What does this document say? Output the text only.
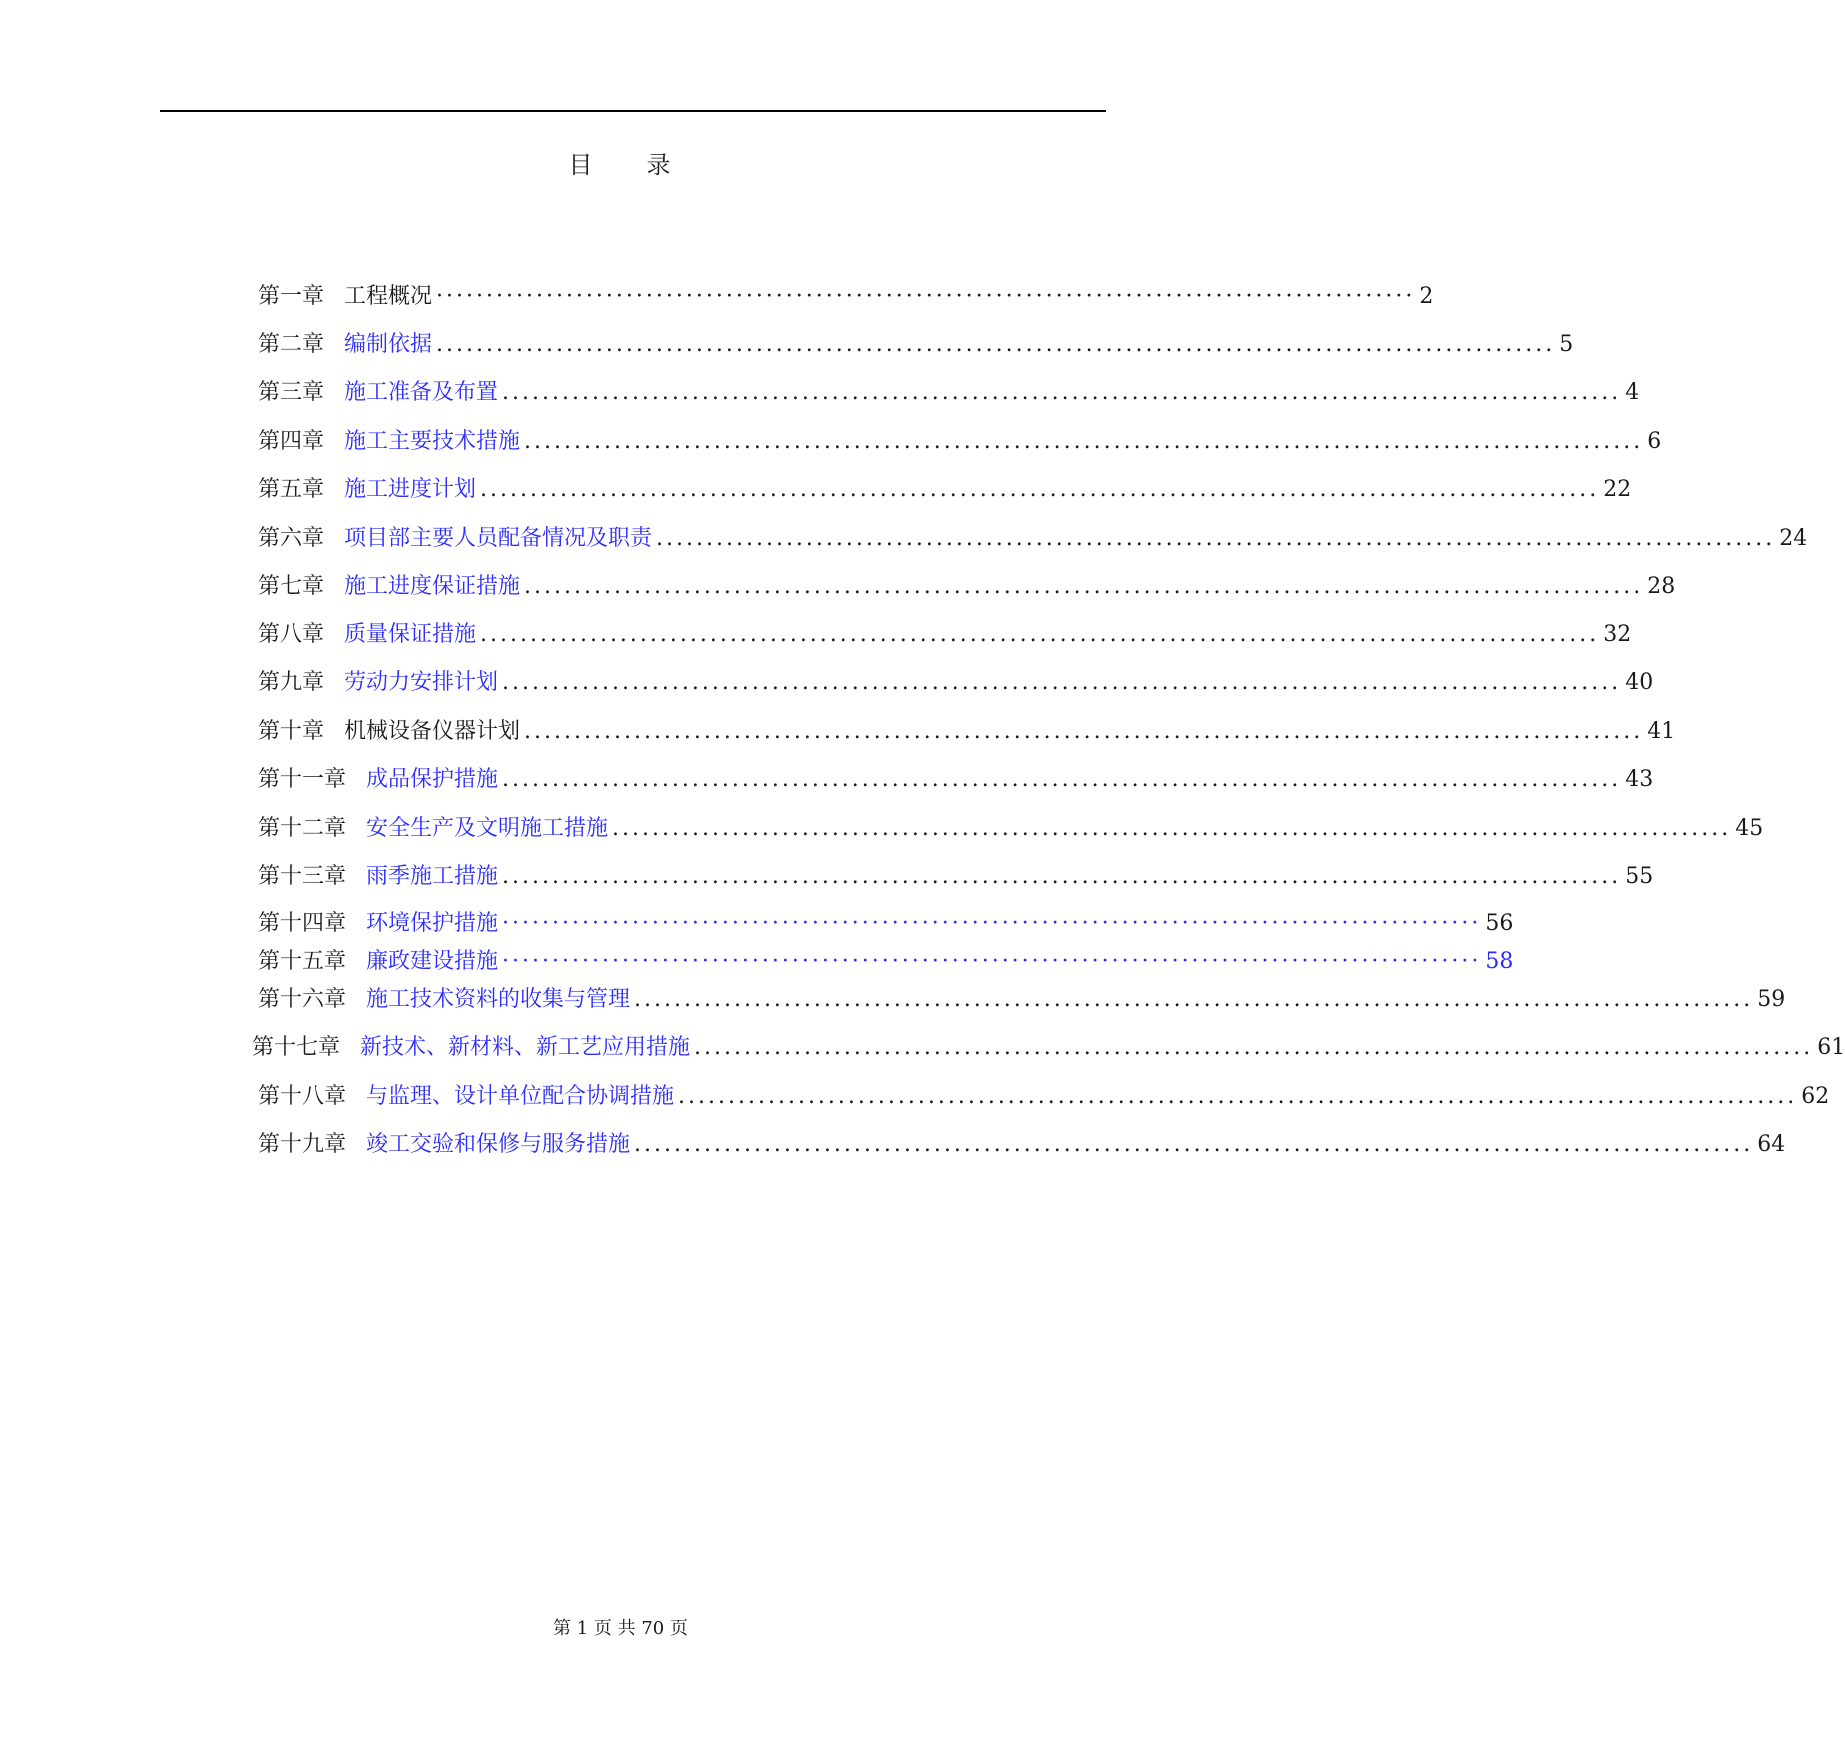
目　　录
第一章 工程概况 ·································································································· 2
第二章 编制依据 ................................................................................................................ 5
第三章 施工准备及布置 ................................................................................................................ 4
第四章 施工主要技术措施 ................................................................................................................ 6
第五章 施工进度计划 ................................................................................................................ 22
第六章 项目部主要人员配备情况及职责 ................................................................................................................ 24
第七章 施工进度保证措施 ................................................................................................................ 28
第八章 质量保证措施 ................................................................................................................ 32
第九章 劳动力安排计划 ................................................................................................................ 40
第十章 机械设备仪器计划 ................................................................................................................ 41
第十一章 成品保护措施 ................................................................................................................ 43
第十二章 安全生产及文明施工措施 ................................................................................................................ 45
第十三章 雨季施工措施 ................................................................................................................ 55
第十四章 环境保护措施 ·································································································· 56
第十五章 廉政建设措施 ·································································································· 58
第十六章 施工技术资料的收集与管理 ................................................................................................................ 59
第十七章 新技术、新材料、新工艺应用措施 ................................................................................................................ 61
第十八章 与监理、设计单位配合协调措施 ................................................................................................................ 62
第十九章 竣工交验和保修与服务措施 ................................................................................................................ 64
第 1 页 共 70 页
